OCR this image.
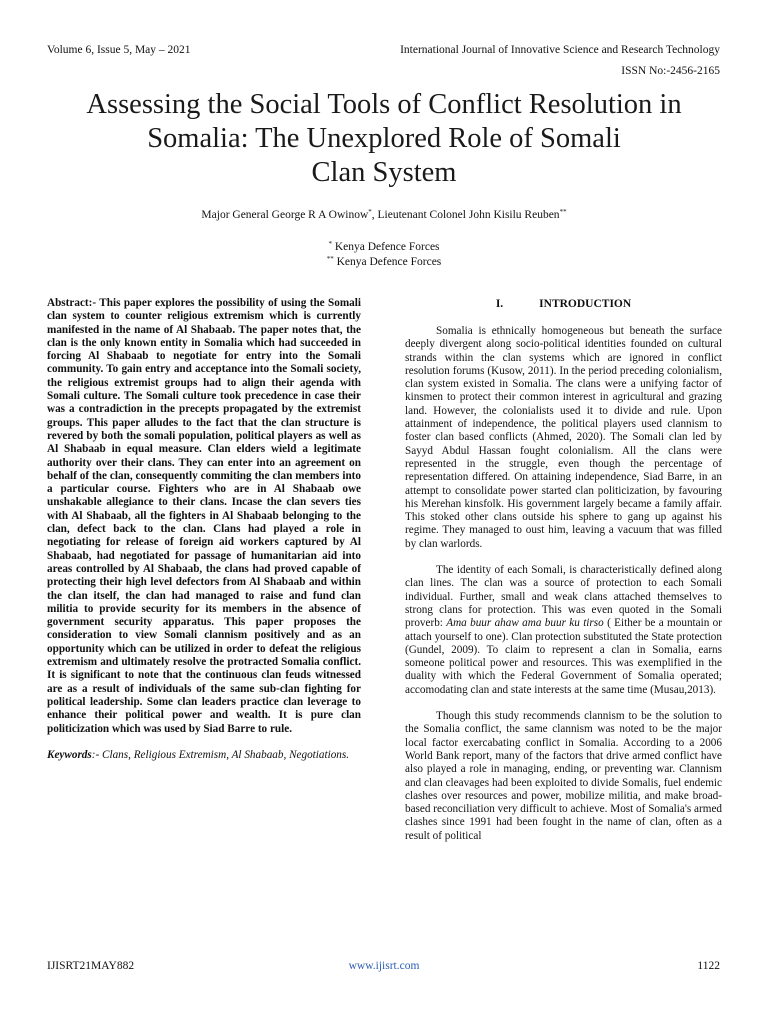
Volume 6, Issue 5, May – 2021	International Journal of Innovative Science and Research Technology
ISSN No:-2456-2165
Assessing the Social Tools of Conflict Resolution in
Somalia: The Unexplored Role of Somali
Clan System
Major General George R A Owinow*, Lieutenant Colonel John Kisilu Reuben**
* Kenya Defence Forces
** Kenya Defence Forces
Abstract:- This paper explores the possibility of using the Somali clan system to counter religious extremism which is currently manifested in the name of Al Shabaab. The paper notes that, the clan is the only known entity in Somalia which had succeeded in forcing Al Shabaab to negotiate for entry into the Somali community. To gain entry and acceptance into the Somali society, the religious extremist groups had to align their agenda with Somali culture. The Somali culture took precedence in case their was a contradiction in the precepts propagated by the extremist groups. This paper alludes to the fact that the clan structure is revered by both the somali population, political players as well as Al Shabaab in equal measure. Clan elders wield a legitimate authority over their clans. They can enter into an agreement on behalf of the clan, consequently commiting the clan members into a particular course. Fighters who are in Al Shabaab owe unshakable allegiance to their clans. Incase the clan severs ties with Al Shabaab, all the fighters in Al Shabaab belonging to the clan, defect back to the clan. Clans had played a role in negotiating for release of foreign aid workers captured by Al Shabaab, had negotiated for passage of humanitarian aid into areas controlled by Al Shabaab, the clans had proved capable of protecting their high level defectors from Al Shabaab and within the clan itself, the clan had managed to raise and fund clan militia to provide security for its members in the absence of government security apparatus. This paper proposes the consideration to view Somali clannism positively and as an opportunity which can be utilized in order to defeat the religious extremism and ultimately resolve the protracted Somalia conflict. It is significant to note that the continuous clan feuds witnessed are as a result of individuals of the same sub-clan fighting for political leadership. Some clan leaders practice clan leverage to enhance their political power and wealth. It is pure clan politicization which was used by Siad Barre to rule.
Keywords:- Clans, Religious Extremism, Al Shabaab, Negotiations.
I.	INTRODUCTION
Somalia is ethnically homogeneous but beneath the surface deeply divergent along socio-political identities founded on cultural strands within the clan systems which are ignored in conflict resolution forums (Kusow, 2011). In the period preceding colonialism, clan system existed in Somalia. The clans were a unifying factor of kinsmen to protect their common interest in agricultural and grazing land. However, the colonialists used it to divide and rule. Upon attainment of independence, the political players used clannism to foster clan based conflicts (Ahmed, 2020). The Somali clan led by Sayyd Abdul Hassan fought colonialism. All the clans were represented in the struggle, even though the percentage of representation differed. On attaining independence, Siad Barre, in an attempt to consolidate power started clan politicization, by favouring his Merehan kinsfolk. His government largely became a family affair. This stoked other clans outside his sphere to gang up against his regime. They managed to oust him, leaving a vacuum that was filled by clan warlords.
The identity of each Somali, is characteristically defined along clan lines. The clan was a source of protection to each Somali individual. Further, small and weak clans attached themselves to strong clans for protection. This was even quoted in the Somali proverb: Ama buur ahaw ama buur ku tirso ( Either be a mountain or attach yourself to one). Clan protection substituted the State protection (Gundel, 2009). To claim to represent a clan in Somalia, earns someone political power and resources. This was exemplified in the duality with which the Federal Government of Somalia operated; accomodating clan and state interests at the same time (Musau,2013).
Though this study recommends clannism to be the solution to the Somalia conflict, the same clannism was noted to be the major local factor exercabating conflict in Somalia. According to a 2006 World Bank report, many of the factors that drive armed conflict have also played a role in managing, ending, or preventing war. Clannism and clan cleavages had been exploited to divide Somalis, fuel endemic clashes over resources and power, mobilize militia, and make broad-based reconciliation very difficult to achieve. Most of Somalia's armed clashes since 1991 had been fought in the name of clan, often as a result of political
IJISRT21MAY882	www.ijisrt.com	1122
